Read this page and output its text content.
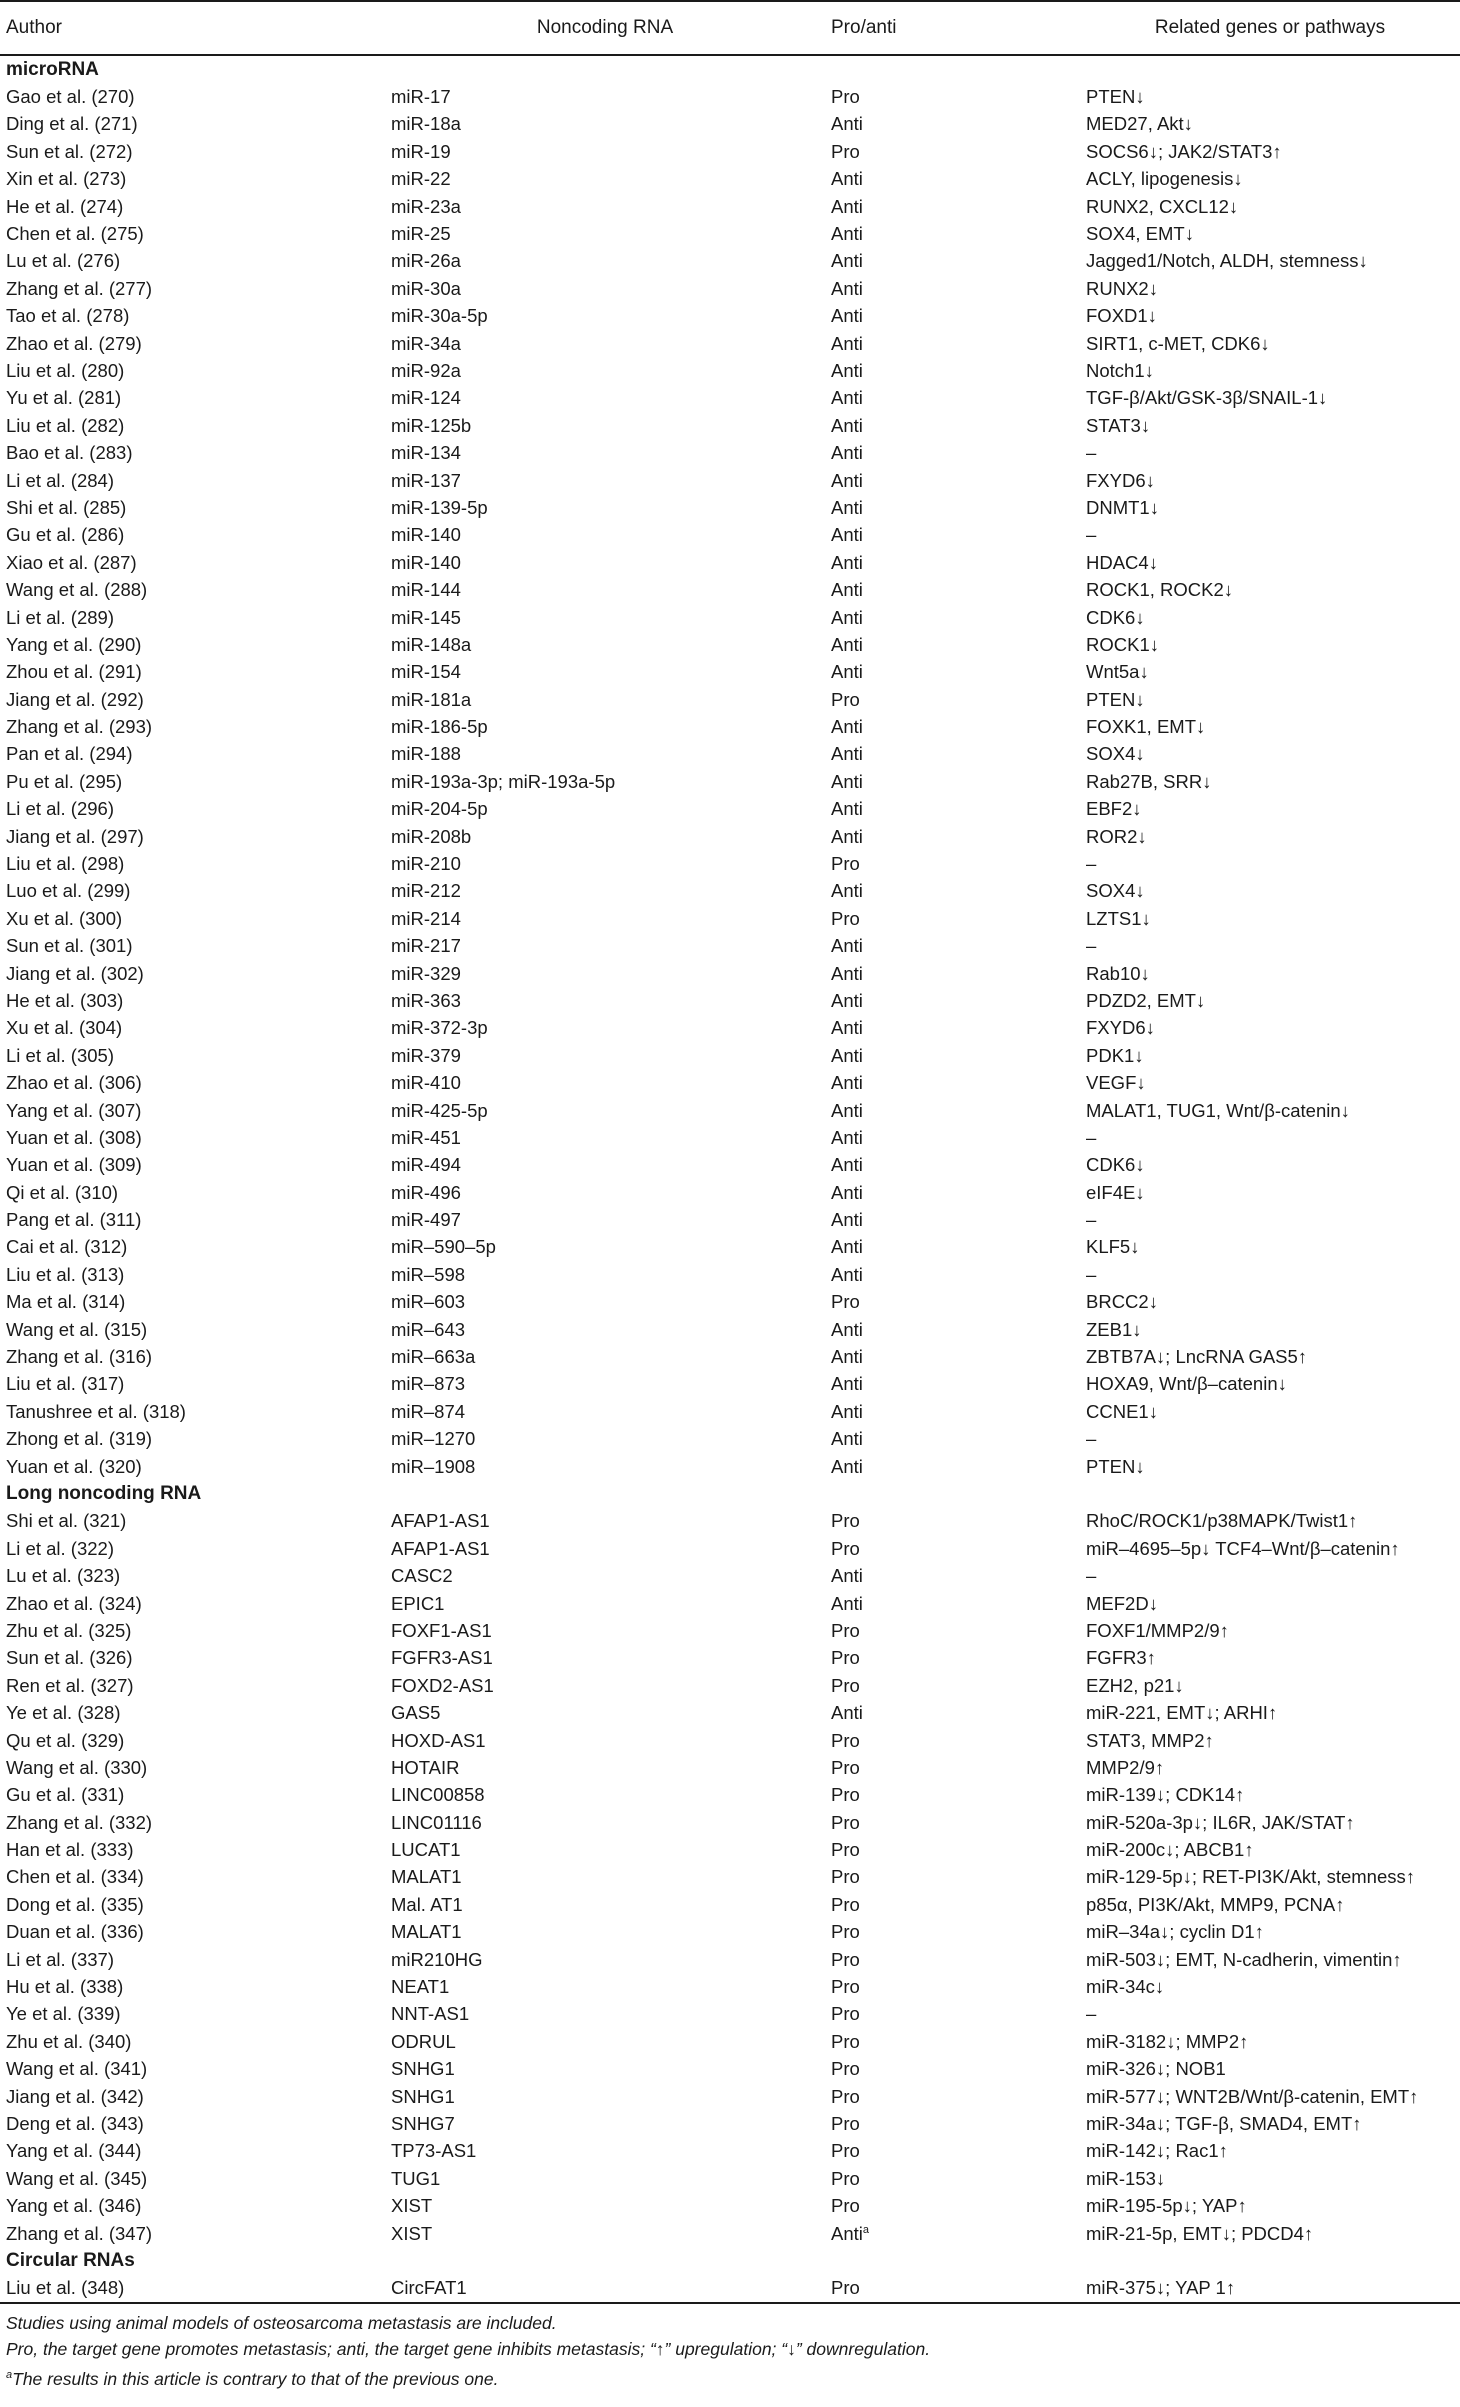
Author	Noncoding RNA	Pro/anti	Related genes or pathways
microRNA			
Gao et al. (270)	miR-17	Pro	PTEN↓
Ding et al. (271)	miR-18a	Anti	MED27, Akt↓
Sun et al. (272)	miR-19	Pro	SOCS6↓; JAK2/STAT3↑
Xin et al. (273)	miR-22	Anti	ACLY, lipogenesis↓
He et al. (274)	miR-23a	Anti	RUNX2, CXCL12↓
Chen et al. (275)	miR-25	Anti	SOX4, EMT↓
Lu et al. (276)	miR-26a	Anti	Jagged1/Notch, ALDH, stemness↓
Zhang et al. (277)	miR-30a	Anti	RUNX2↓
Tao et al. (278)	miR-30a-5p	Anti	FOXD1↓
Zhao et al. (279)	miR-34a	Anti	SIRT1, c-MET, CDK6↓
Liu et al. (280)	miR-92a	Anti	Notch1↓
Yu et al. (281)	miR-124	Anti	TGF-β/Akt/GSK-3β/SNAIL-1↓
Liu et al. (282)	miR-125b	Anti	STAT3↓
Bao et al. (283)	miR-134	Anti	–
Li et al. (284)	miR-137	Anti	FXYD6↓
Shi et al. (285)	miR-139-5p	Anti	DNMT1↓
Gu et al. (286)	miR-140	Anti	–
Xiao et al. (287)	miR-140	Anti	HDAC4↓
Wang et al. (288)	miR-144	Anti	ROCK1, ROCK2↓
Li et al. (289)	miR-145	Anti	CDK6↓
Yang et al. (290)	miR-148a	Anti	ROCK1↓
Zhou et al. (291)	miR-154	Anti	Wnt5a↓
Jiang et al. (292)	miR-181a	Pro	PTEN↓
Zhang et al. (293)	miR-186-5p	Anti	FOXK1, EMT↓
Pan et al. (294)	miR-188	Anti	SOX4↓
Pu et al. (295)	miR-193a-3p; miR-193a-5p	Anti	Rab27B, SRR↓
Li et al. (296)	miR-204-5p	Anti	EBF2↓
Jiang et al. (297)	miR-208b	Anti	ROR2↓
Liu et al. (298)	miR-210	Pro	–
Luo et al. (299)	miR-212	Anti	SOX4↓
Xu et al. (300)	miR-214	Pro	LZTS1↓
Sun et al. (301)	miR-217	Anti	–
Jiang et al. (302)	miR-329	Anti	Rab10↓
He et al. (303)	miR-363	Anti	PDZD2, EMT↓
Xu et al. (304)	miR-372-3p	Anti	FXYD6↓
Li et al. (305)	miR-379	Anti	PDK1↓
Zhao et al. (306)	miR-410	Anti	VEGF↓
Yang et al. (307)	miR-425-5p	Anti	MALAT1, TUG1, Wnt/β-catenin↓
Yuan et al. (308)	miR-451	Anti	–
Yuan et al. (309)	miR-494	Anti	CDK6↓
Qi et al. (310)	miR-496	Anti	eIF4E↓
Pang et al. (311)	miR-497	Anti	–
Cai et al. (312)	miR–590–5p	Anti	KLF5↓
Liu et al. (313)	miR–598	Anti	–
Ma et al. (314)	miR–603	Pro	BRCC2↓
Wang et al. (315)	miR–643	Anti	ZEB1↓
Zhang et al. (316)	miR–663a	Anti	ZBTB7A↓; LncRNA GAS5↑
Liu et al. (317)	miR–873	Anti	HOXA9, Wnt/β–catenin↓
Tanushree et al. (318)	miR–874	Anti	CCNE1↓
Zhong et al. (319)	miR–1270	Anti	–
Yuan et al. (320)	miR–1908	Anti	PTEN↓
Long noncoding RNA			
Shi et al. (321)	AFAP1-AS1	Pro	RhoC/ROCK1/p38MAPK/Twist1↑
Li et al. (322)	AFAP1-AS1	Pro	miR–4695–5p↓ TCF4–Wnt/β–catenin↑
Lu et al. (323)	CASC2	Anti	–
Zhao et al. (324)	EPIC1	Anti	MEF2D↓
Zhu et al. (325)	FOXF1-AS1	Pro	FOXF1/MMP2/9↑
Sun et al. (326)	FGFR3-AS1	Pro	FGFR3↑
Ren et al. (327)	FOXD2-AS1	Pro	EZH2, p21↓
Ye et al. (328)	GAS5	Anti	miR-221, EMT↓; ARHI↑
Qu et al. (329)	HOXD-AS1	Pro	STAT3, MMP2↑
Wang et al. (330)	HOTAIR	Pro	MMP2/9↑
Gu et al. (331)	LINC00858	Pro	miR-139↓; CDK14↑
Zhang et al. (332)	LINC01116	Pro	miR-520a-3p↓; IL6R, JAK/STAT↑
Han et al. (333)	LUCAT1	Pro	miR-200c↓; ABCB1↑
Chen et al. (334)	MALAT1	Pro	miR-129-5p↓; RET-PI3K/Akt, stemness↑
Dong et al. (335)	Mal. AT1	Pro	p85α, PI3K/Akt, MMP9, PCNA↑
Duan et al. (336)	MALAT1	Pro	miR–34a↓; cyclin D1↑
Li et al. (337)	miR210HG	Pro	miR-503↓; EMT, N-cadherin, vimentin↑
Hu et al. (338)	NEAT1	Pro	miR-34c↓
Ye et al. (339)	NNT-AS1	Pro	–
Zhu et al. (340)	ODRUL	Pro	miR-3182↓; MMP2↑
Wang et al. (341)	SNHG1	Pro	miR-326↓; NOB1
Jiang et al. (342)	SNHG1	Pro	miR-577↓; WNT2B/Wnt/β-catenin, EMT↑
Deng et al. (343)	SNHG7	Pro	miR-34a↓; TGF-β, SMAD4, EMT↑
Yang et al. (344)	TP73-AS1	Pro	miR-142↓; Rac1↑
Wang et al. (345)	TUG1	Pro	miR-153↓
Yang et al. (346)	XIST	Pro	miR-195-5p↓; YAP↑
Zhang et al. (347)	XIST	Anti$^a$	miR-21-5p, EMT↓; PDCD4↑
Circular RNAs			
Liu et al. (348)	CircFAT1	Pro	miR-375↓; YAP 1↑
Studies using animal models of osteosarcoma metastasis are included.
Pro, the target gene promotes metastasis; anti, the target gene inhibits metastasis; “↑” upregulation; “↓” downregulation.
$^a$The results in this article is contrary to that of the previous one.
